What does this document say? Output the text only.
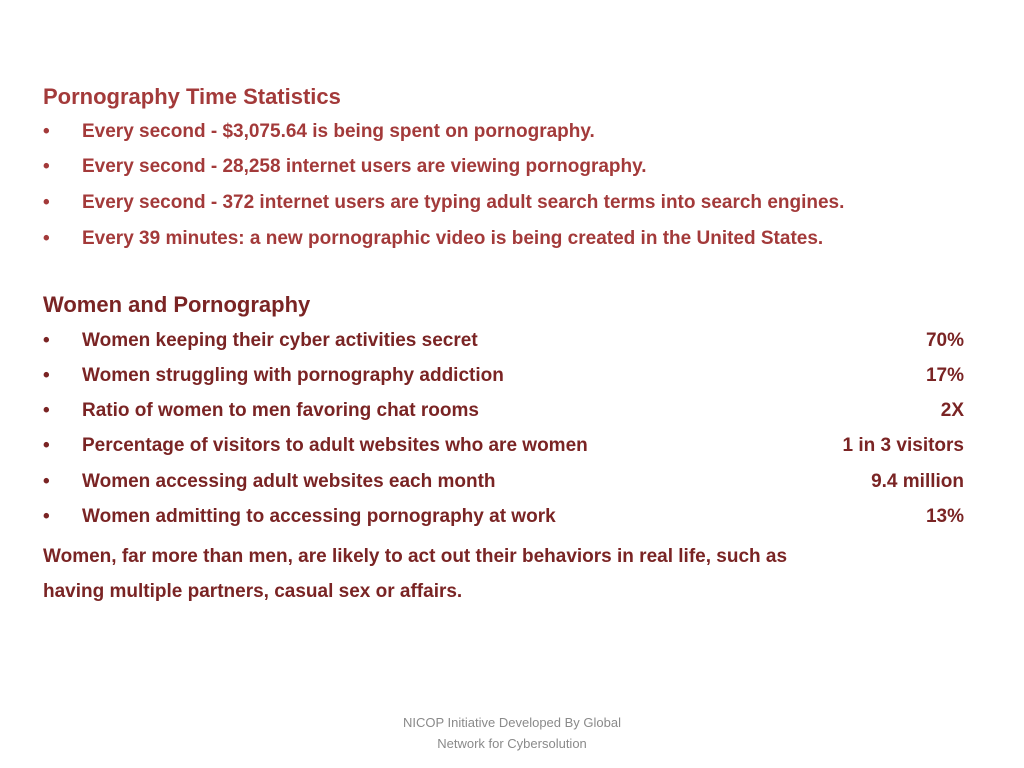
Pornography Time Statistics
•	Every second - $3,075.64 is being spent on pornography.
•	Every second - 28,258 internet users are viewing pornography.
•	Every second - 372 internet users are typing adult search terms into search engines.
•	Every 39 minutes: a new pornographic video is being created in the United States.
Women and Pornography
•	Women keeping their cyber activities secret	70%
•	Women struggling with pornography addiction	17%
•	Ratio of women to men favoring chat rooms	2X
•	Percentage of visitors to adult websites who are women	1 in 3 visitors
•	Women accessing adult websites each month	9.4 million
•	Women admitting to accessing pornography at work	13%
Women, far more than men, are likely to act out their behaviors in real life, such as
having multiple partners, casual sex or affairs.
NICOP Initiative Developed By Global
Network for Cybersolution
